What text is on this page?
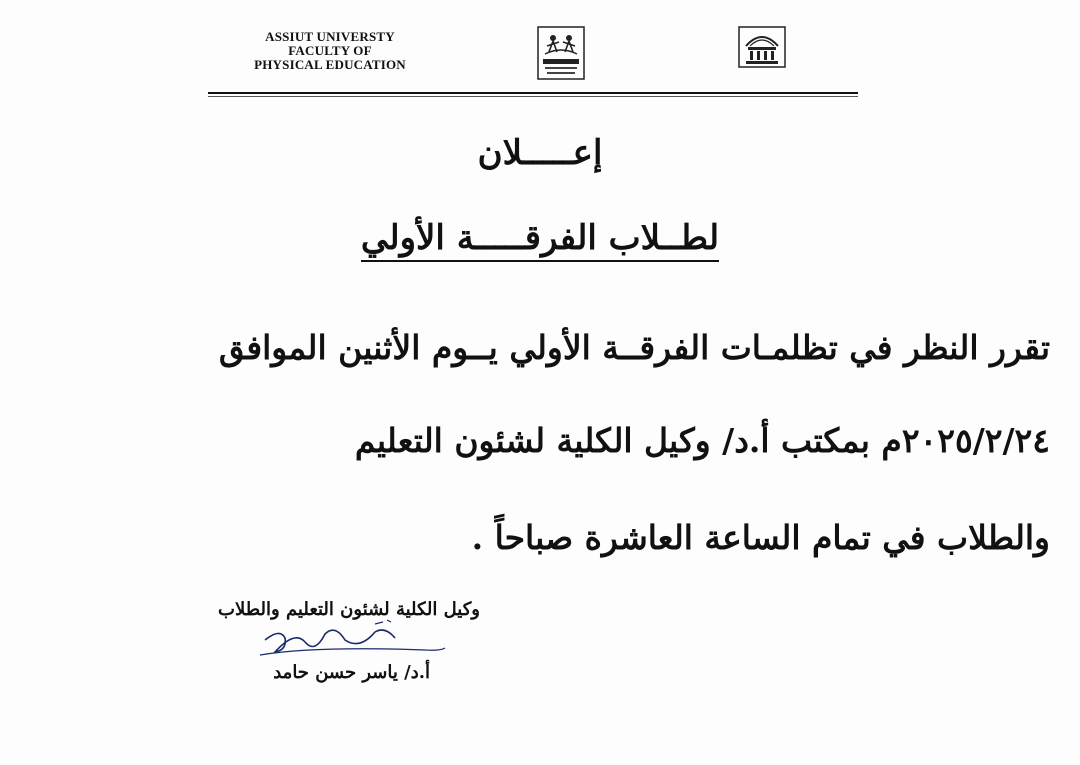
ASSIUT UNIVERSTY
FACULTY OF
PHYSICAL EDUCATION
إعـــــلان
لطــلاب الفرقـــــة الأولي
تقرر النظر في تظلمـات الفرقــة الأولي يــوم الأثنين الموافق
٢٠٢٥/٢/٢٤م بمكتب أ.د/ وكيل الكلية لشئون التعليم
والطلاب في تمام الساعة العاشرة صباحاً .
وكيل الكلية لشئون التعليم والطلاب
أ.د/ ياسر حسن حامد
